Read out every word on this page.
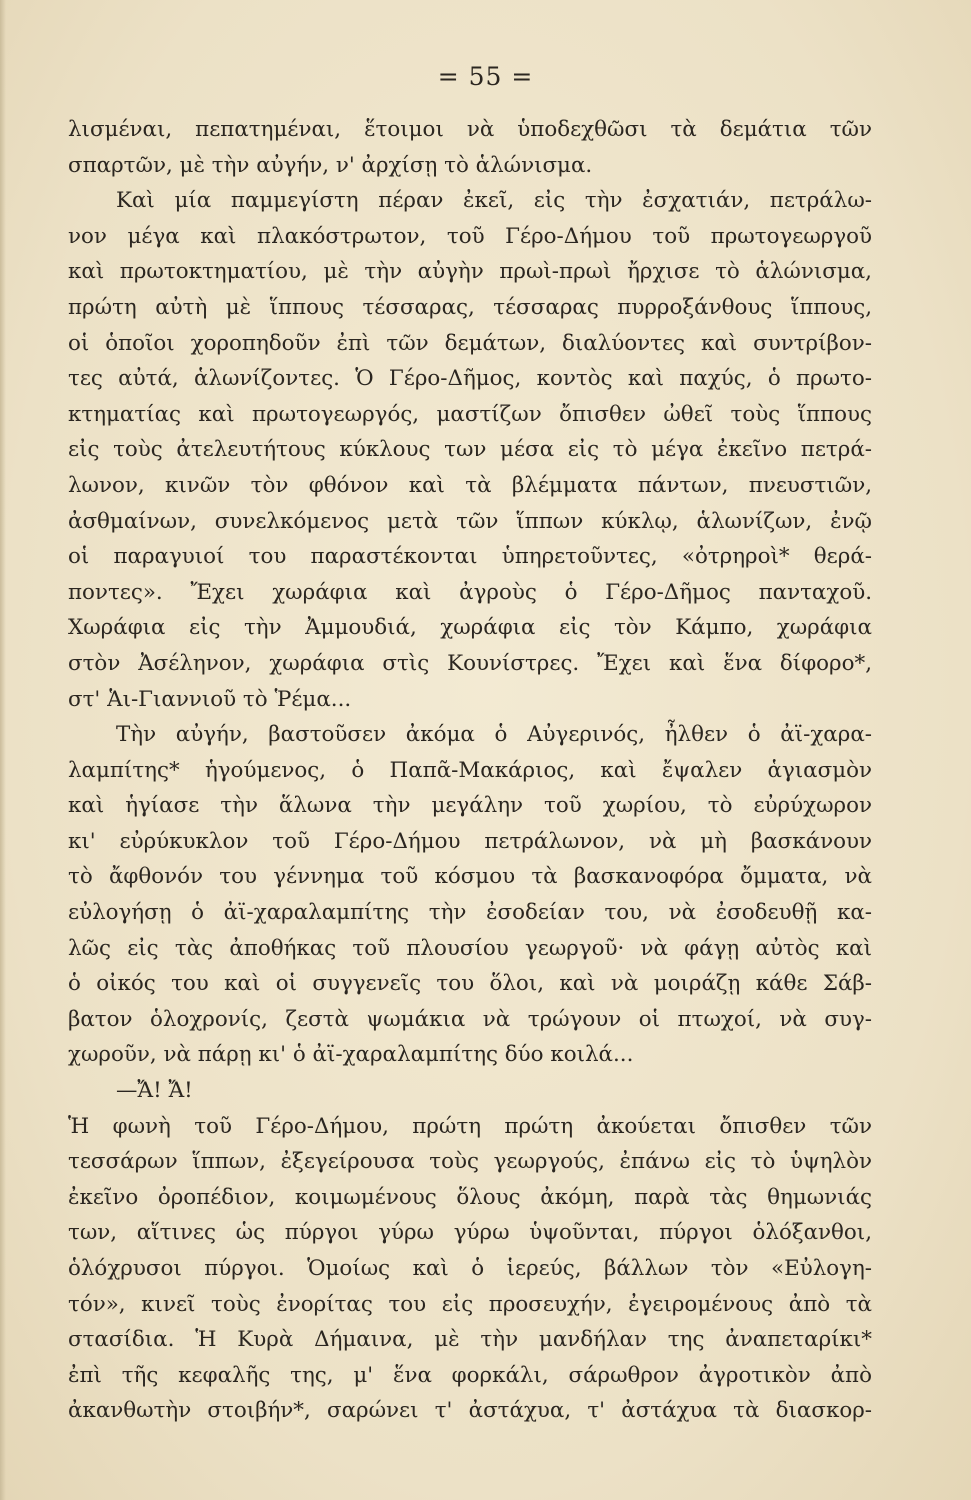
= 55 =
λισμέναι, πεπατημέναι, ἕτοιμοι νὰ ὑποδεχθῶσι τὰ δεμάτια τῶν
σπαρτῶν, μὲ τὴν αὐγήν, ν' ἀρχίσῃ τὸ ἁλώνισμα.
Καὶ μία παμμεγίστη πέραν ἐκεῖ, εἰς τὴν ἐσχατιάν, πετράλω-
νον μέγα καὶ πλακόστρωτον, τοῦ Γέρο-Δήμου τοῦ πρωτογεωργοῦ
καὶ πρωτοκτηματίου, μὲ τὴν αὐγὴν πρωὶ-πρωὶ ἤρχισε τὸ ἁλώνισμα,
πρώτη αὐτὴ μὲ ἵππους τέσσαρας, τέσσαρας πυρροξάνθους ἵππους,
οἱ ὁποῖοι χοροπηδοῦν ἐπὶ τῶν δεμάτων, διαλύοντες καὶ συντρίβον-
τες αὐτά, ἁλωνίζοντες. Ὁ Γέρο-Δῆμος, κοντὸς καὶ παχύς, ὁ πρωτο-
κτηματίας καὶ πρωτογεωργός, μαστίζων ὄπισθεν ὠθεῖ τοὺς ἵππους
εἰς τοὺς ἀτελευτήτους κύκλους των μέσα εἰς τὸ μέγα ἐκεῖνο πετρά-
λωνον, κινῶν τὸν φθόνον καὶ τὰ βλέμματα πάντων, πνευστιῶν,
ἀσθμαίνων, συνελκόμενος μετὰ τῶν ἵππων κύκλῳ, ἁλωνίζων, ἐνῷ
οἱ παραγυιοί του παραστέκονται ὑπηρετοῦντες, «ὀτρηροὶ* θερά-
ποντες». Ἔχει χωράφια καὶ ἀγροὺς ὁ Γέρο-Δῆμος πανταχοῦ.
Χωράφια εἰς τὴν Ἀμμουδιά, χωράφια εἰς τὸν Κάμπο, χωράφια
στὸν Ἀσέληνον, χωράφια στὶς Κουνίστρες. Ἔχει καὶ ἕνα δίφορο*,
στ' Ἁι-Γιαννιοῦ τὸ Ῥέμα...
Τὴν αὐγήν, βαστοῦσεν ἀκόμα ὁ Αὐγερινός, ἦλθεν ὁ ἀϊ-χαρα-
λαμπίτης* ἡγούμενος, ὁ Παπᾶ-Μακάριος, καὶ ἔψαλεν ἁγιασμὸν
καὶ ἡγίασε τὴν ἅλωνα τὴν μεγάλην τοῦ χωρίου, τὸ εὐρύχωρον
κι' εὐρύκυκλον τοῦ Γέρο-Δήμου πετράλωνον, νὰ μὴ βασκάνουν
τὸ ἄφθονόν του γέννημα τοῦ κόσμου τὰ βασκανοφόρα ὄμματα, νὰ
εὐλογήσῃ ὁ ἀϊ-χαραλαμπίτης τὴν ἐσοδείαν του, νὰ ἐσοδευθῇ κα-
λῶς εἰς τὰς ἀποθήκας τοῦ πλουσίου γεωργοῦ· νὰ φάγῃ αὐτὸς καὶ
ὁ οἰκός του καὶ οἱ συγγενεῖς του ὅλοι, καὶ νὰ μοιράζῃ κάθε Σάβ-
βατον ὁλοχρονίς, ζεστὰ ψωμάκια νὰ τρώγουν οἱ πτωχοί, νὰ συγ-
χωροῦν, νὰ πάρῃ κι' ὁ ἀϊ-χαραλαμπίτης δύο κοιλά...
—Ἄ! Ἄ!
Ἡ φωνὴ τοῦ Γέρο-Δήμου, πρώτη πρώτη ἀκούεται ὄπισθεν τῶν
τεσσάρων ἵππων, ἐξεγείρουσα τοὺς γεωργούς, ἐπάνω εἰς τὸ ὑψηλὸν
ἐκεῖνο ὀροπέδιον, κοιμωμένους ὅλους ἀκόμη, παρὰ τὰς θημωνιάς
των, αἵτινες ὡς πύργοι γύρω γύρω ὑψοῦνται, πύργοι ὁλόξανθοι,
ὁλόχρυσοι πύργοι. Ὁμοίως καὶ ὁ ἱερεύς, βάλλων τὸν «Εὐλογη-
τόν», κινεῖ τοὺς ἐνορίτας του εἰς προσευχήν, ἐγειρομένους ἀπὸ τὰ
στασίδια. Ἡ Κυρὰ Δήμαινα, μὲ τὴν μανδήλαν της ἀναπεταρίκι*
ἐπὶ τῆς κεφαλῆς της, μ' ἕνα φορκάλι, σάρωθρον ἀγροτικὸν ἀπὸ
ἀκανθωτὴν στοιβήν*, σαρώνει τ' ἀστάχυα, τ' ἀστάχυα τὰ διασκορ-
